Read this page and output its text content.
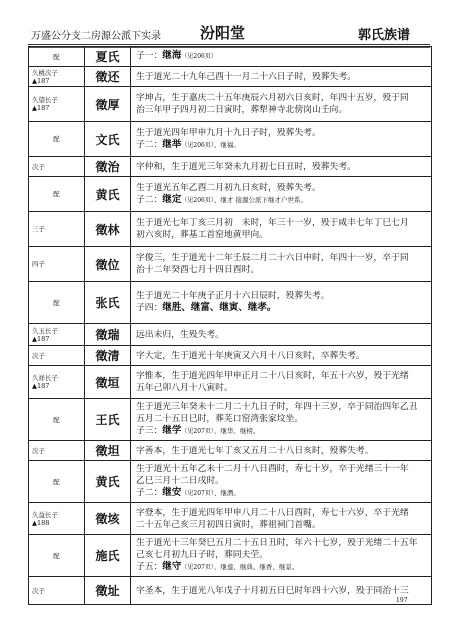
万盛公分支二房源公派下实录	汾阳堂	郭氏族谱
配	夏氏	子一：继海（见206页）

久桃次子
▲187	徵还	生于道光二十九年己酉十一月二十六日子时，殁葬失考。

久望长子
▲187	徵厚	字坤占，生于嘉庆二十五年庚辰六月初六日亥时，年四十五岁，殁于同
治三年甲子四月初二日寅时，葬犁神寺北傍岗山壬向。

配	文氏	生于道光四年甲申九月十九日子时，殁葬失考。
子二：继举（见206页）、继福。

次子	徵治	字仲和，生于道光三年癸未九月初七日丑时，殁葬失考。

配	黄氏	生于道光五年乙酉二月初九日亥时，殁葬失考。
子二：继定（见206页）、继才 接源公派下继才户世系。

三子	徵林	生于道光七年丁亥三月初　未时，年三十一岁，殁于咸丰七年丁巳七月
初六亥时，葬基工首窑地黄甲向。

四子	徵位	字俊三，生于道光十二年壬辰二月二十六日申时，年四十一岁，卒于同
治十二年癸酉七月十四日酉时。

配	张氏	生于道光二十年庚子正月十六日辰时，殁葬失考。
子四：继胜、继富、继寅、继孝。

久玉长子
▲187	徵瑞	远出未归，生殁失考。

次子	徵清	字大定，生于道光十年庚寅又六月十八日亥时，卒葬失考。

久祥长子
▲187	徵垣	字惟本，生于道光四年甲申正月二十八日亥时，年五十六岁，殁于光绪
五年己卯八月十八寅时。

配	王氏	生于道光三年癸未十二月二十九日子时，年四十三岁，卒于同治四年乙丑
五月二十五日巳时，葬芜口窑湾张家坟坐。
子三：继学（见207页）、继华、继榜。

次子	徵坦	字善本，生于道光七年丁亥又五月二十八日亥时，殁葬失考。

配	黄氏	生于道光十五年乙未十二月十八日酉时，寿七十岁，卒于光绪三十一年
乙巳三月十二日戌时。
子二：继安（见207页）、继潛。

久益长子
▲188	徵垓	字登本，生于道光四年甲申八月二十八日酉时，寿七十六岁，卒于光绪
二十五年己亥三月初四日寅时，葬祖祠门首嘴。

配	施氏	生于道光十三年癸巳五月二十五日丑时，年六十七岁，殁于光绪二十五年
己亥七月初九日子时，葬同夫茔。
子五：继守（见207页）、继莲、继典、继香、继景。

次子	徵址	字圣本，生于道光八年戊子十月初五日巳时年四十六岁，殁于同治十三
197
